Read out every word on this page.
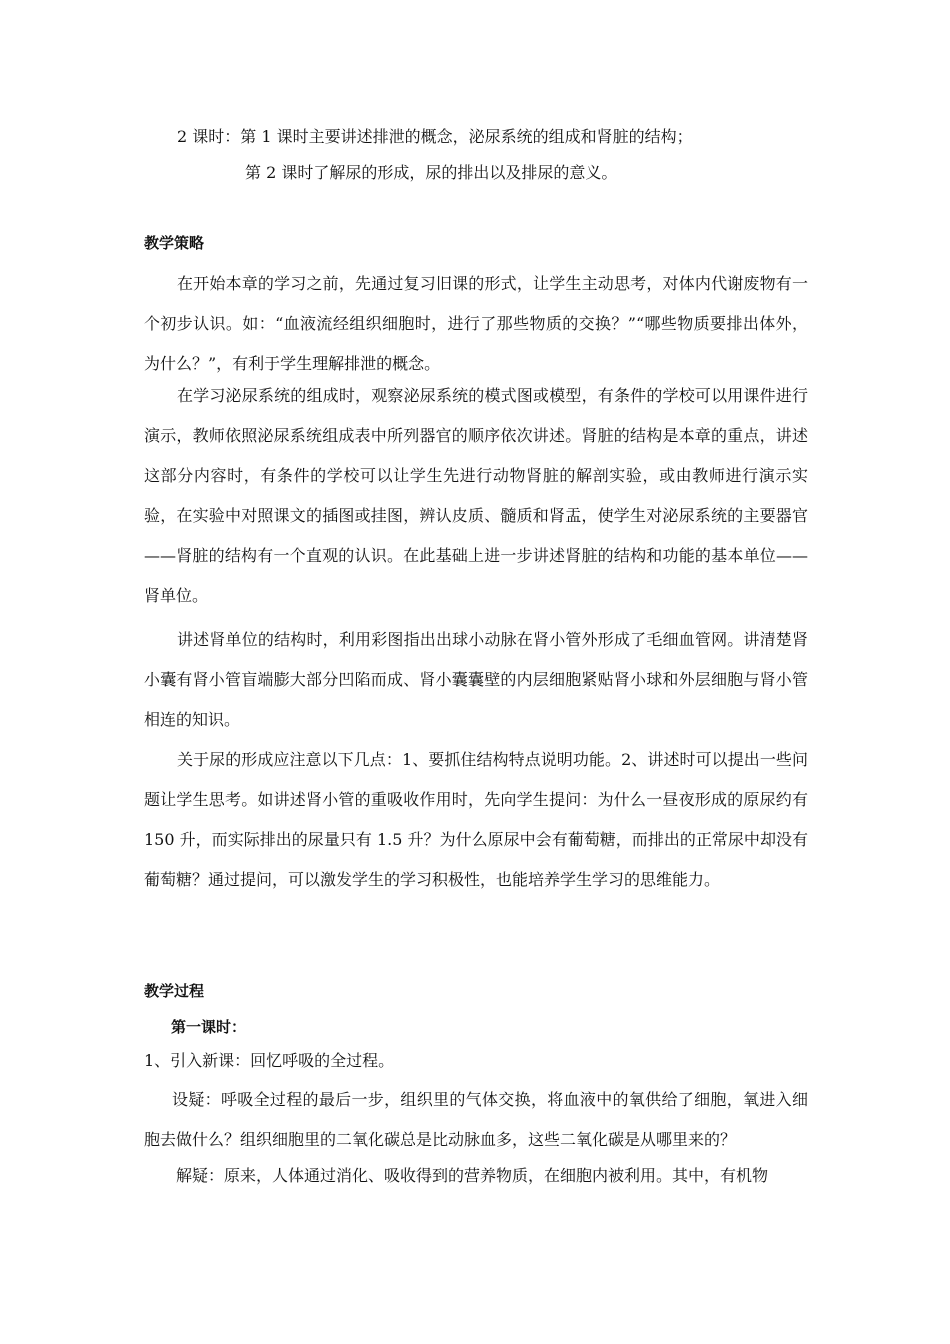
2 课时：第 1 课时主要讲述排泄的概念，泌尿系统的组成和肾脏的结构；
第 2 课时了解尿的形成，尿的排出以及排尿的意义。
教学策略
在开始本章的学习之前，先通过复习旧课的形式，让学生主动思考，对体内代谢废物有一个初步认识。如：“血液流经组织细胞时，进行了那些物质的交换？”“哪些物质要排出体外，为什么？”，有利于学生理解排泄的概念。
在学习泌尿系统的组成时，观察泌尿系统的模式图或模型，有条件的学校可以用课件进行演示，教师依照泌尿系统组成表中所列器官的顺序依次讲述。肾脏的结构是本章的重点，讲述这部分内容时，有条件的学校可以让学生先进行动物肾脏的解剖实验，或由教师进行演示实验，在实验中对照课文的插图或挂图，辨认皮质、髓质和肾盂，使学生对泌尿系统的主要器官——肾脏的结构有一个直观的认识。在此基础上进一步讲述肾脏的结构和功能的基本单位——肾单位。
讲述肾单位的结构时，利用彩图指出出球小动脉在肾小管外形成了毛细血管网。讲清楚肾小囊有肾小管盲端膨大部分凹陷而成、肾小囊囊壁的内层细胞紧贴肾小球和外层细胞与肾小管相连的知识。
关于尿的形成应注意以下几点：1、要抓住结构特点说明功能。2、讲述时可以提出一些问题让学生思考。如讲述肾小管的重吸收作用时，先向学生提问：为什么一昼夜形成的原尿约有 150 升，而实际排出的尿量只有 1.5 升？为什么原尿中会有葡萄糖，而排出的正常尿中却没有葡萄糖？通过提问，可以激发学生的学习积极性，也能培养学生学习的思维能力。
教学过程
第一课时：
1、引入新课：回忆呼吸的全过程。
设疑：呼吸全过程的最后一步，组织里的气体交换，将血液中的氧供给了细胞，氧进入细胞去做什么？组织细胞里的二氧化碳总是比动脉血多，这些二氧化碳是从哪里来的？
解疑：原来，人体通过消化、吸收得到的营养物质，在细胞内被利用。其中，有机物
